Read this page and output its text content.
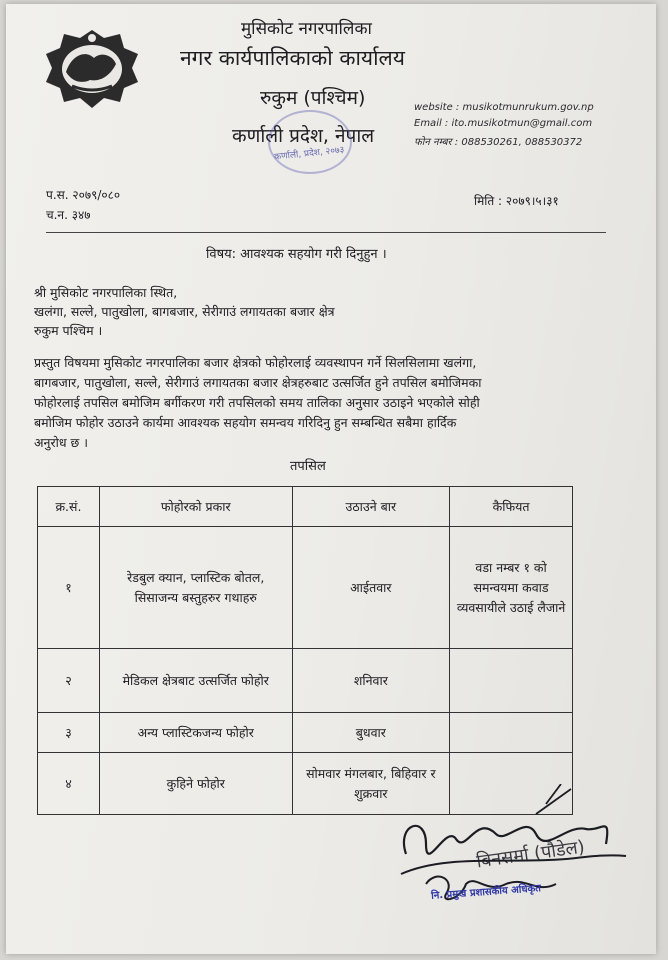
मुसिकोट नगरपालिका
नगर कार्यपालिकाको कार्यालय
रुकुम (पश्चिम)
कर्णाली प्रदेश, नेपाल
कर्णाली, प्रदेश, २०७३
website : musikotmunrukum.gov.np
Email : ito.musikotmun@gmail.com
फोन नम्बर : 088530261, 088530372
प.स. २०७९/०८०
च.न. ३४७
मिति : २०७९।५।३१
विषय: आवश्यक सहयोग गरी दिनुहुन ।
श्री मुसिकोट नगरपालिका स्थित,
खलंगा, सल्ले, पातुखोला, बागबजार, सेरीगाउं लगायतका बजार क्षेत्र
रुकुम पश्चिम ।
प्रस्तुत विषयमा मुसिकोट नगरपालिका बजार क्षेत्रको फोहोरलाई व्यवस्थापन गर्ने सिलसिलामा खलंगा,
बागबजार, पातुखोला, सल्ले, सेरीगाउं लगायतका बजार क्षेत्रहरुबाट उत्सर्जित हुने तपसिल बमोजिमका
फोहोरलाई तपसिल बमोजिम बर्गीकरण गरी तपसिलको समय तालिका अनुसार उठाइने भएकोले सोही
बमोजिम फोहोर उठाउने कार्यमा आवश्यक सहयोग समन्वय गरिदिनु हुन सम्बन्धित सबैमा हार्दिक
अनुरोध छ ।
तपसिल
क्र.सं.	फोहोरको प्रकार	उठाउने बार	कैफियत
१	रेडबुल क्यान, प्लास्टिक बोतल, सिसाजन्य बस्तुहरुर गथाहरु	आईतवार	वडा नम्बर १ को समन्वयमा कवाड व्यवसायीले उठाई लैजाने
२	मेडिकल क्षेत्रबाट उत्सर्जित फोहोर	शनिवार	
३	अन्य प्लास्टिकजन्य फोहोर	बुधवार	
४	कुहिने फोहोर	सोमवार मंगलबार, बिहिवार र शुक्रवार	
बिनसर्मा (पौडेल)
नि. प्रमुख प्रशासकीय अधिकृत
